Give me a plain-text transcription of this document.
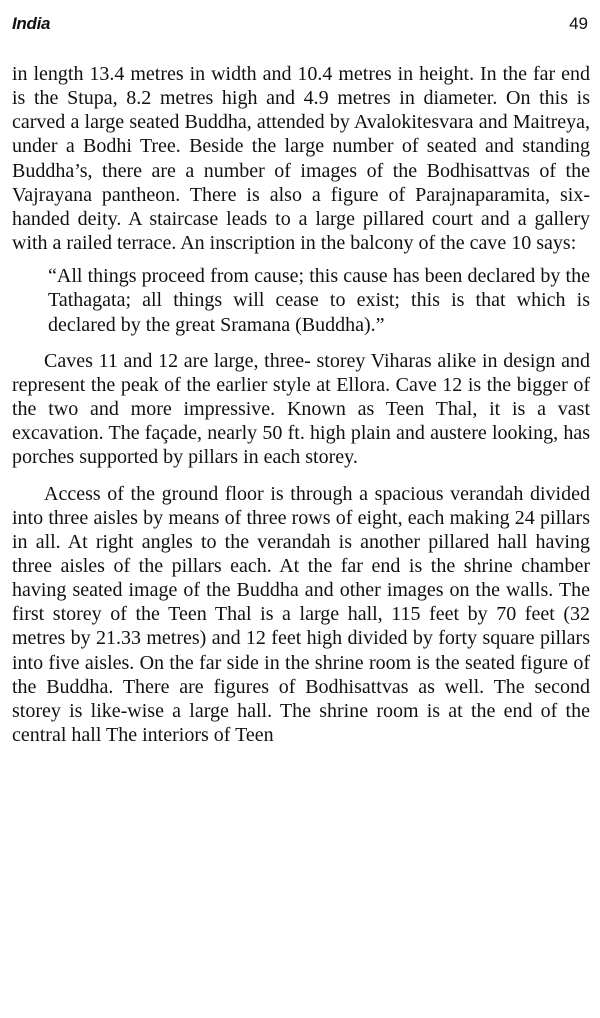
India	49

in length 13.4 metres in width and 10.4 metres in height. In the far end is the Stupa, 8.2 metres high and 4.9 metres in diameter. On this is carved a large seated Buddha, attended by Avalokitesvara and Maitreya, under a Bodhi Tree. Beside the large number of seated and standing Buddha’s, there are a number of images of the Bodhisattvas of the Vajrayana pantheon. There is also a figure of Parajnaparamita, six-handed deity. A staircase leads to a large pillared court and a gallery with a railed terrace. An inscription in the balcony of the cave 10 says:

“All things proceed from cause; this cause has been declared by the Tathagata; all things will cease to exist; this is that which is declared by the great Sramana (Buddha).”

Caves 11 and 12 are large, three- storey Viharas alike in design and represent the peak of the earlier style at Ellora. Cave 12 is the bigger of the two and more impressive. Known as Teen Thal, it is a vast excavation. The façade, nearly 50 ft. high plain and austere looking, has porches supported by pillars in each storey.

Access of the ground floor is through a spacious verandah divided into three aisles by means of three rows of eight, each making 24 pillars in all. At right angles to the verandah is another pillared hall having three aisles of the pillars each. At the far end is the shrine chamber having seated image of the Buddha and other images on the walls. The first storey of the Teen Thal is a large hall, 115 feet by 70 feet (32 metres by 21.33 metres) and 12 feet high divided by forty square pillars into five aisles. On the far side in the shrine room is the seated figure of the Buddha. There are figures of Bodhisattvas as well. The second storey is like-wise a large hall. The shrine room is at the end of the central hall The interiors of Teen
